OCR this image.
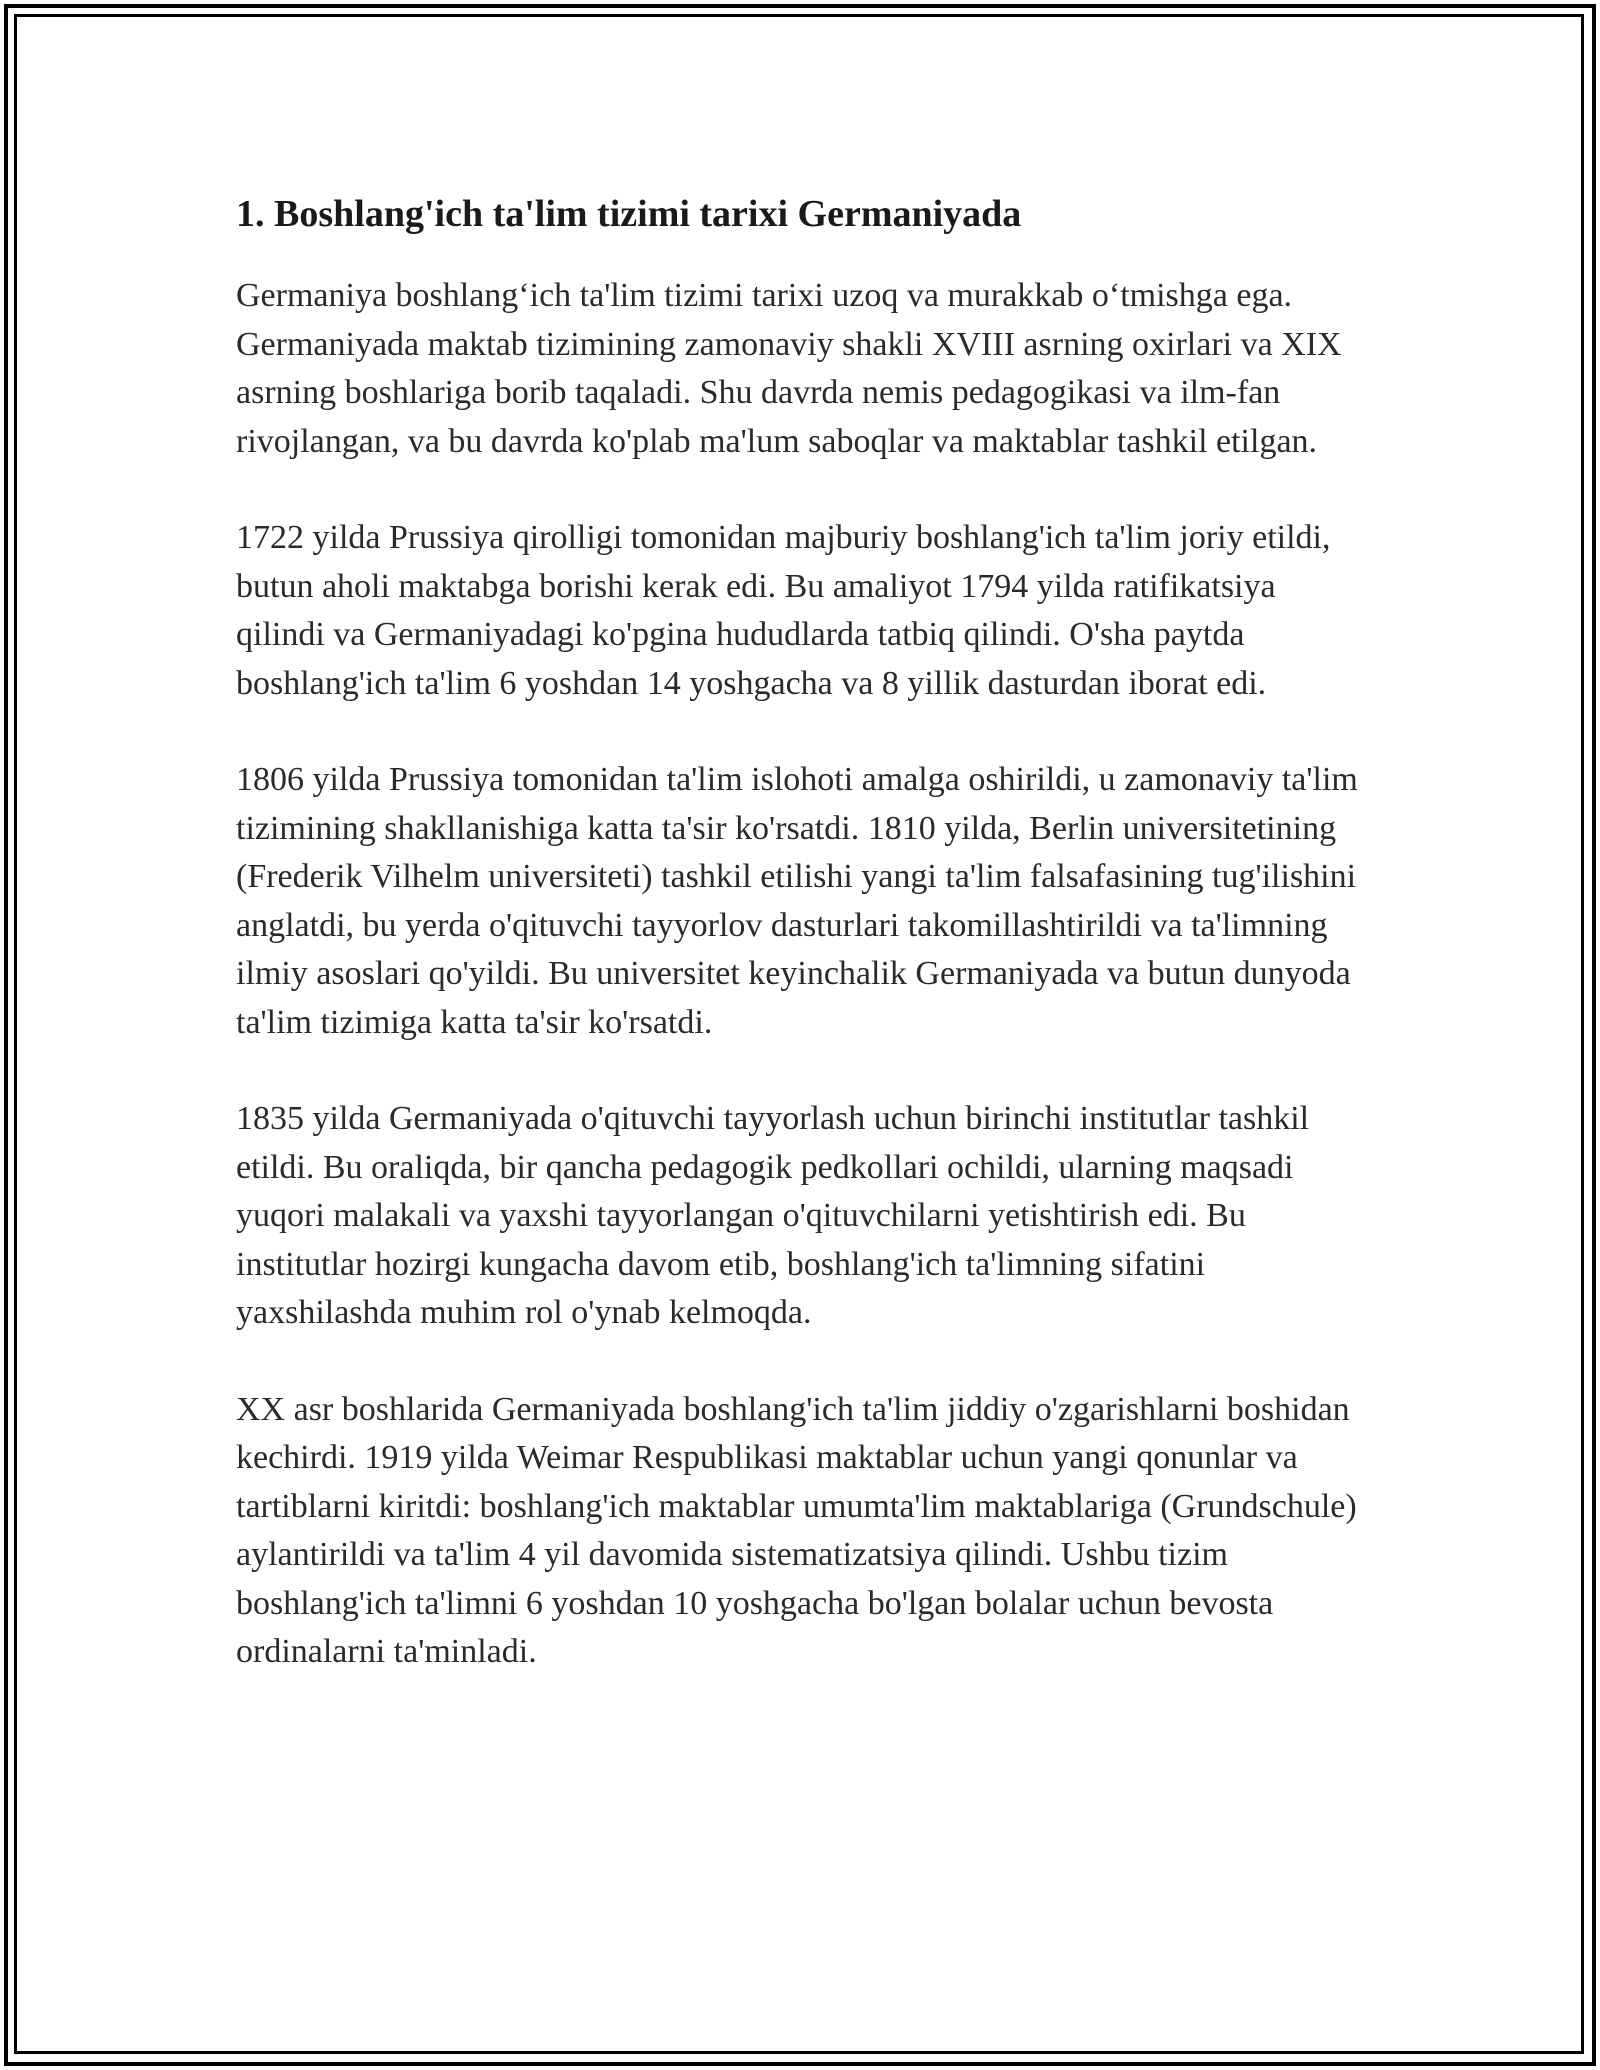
1. Boshlang'ich ta'lim tizimi tarixi Germaniyada

Germaniya boshlang‘ich ta'lim tizimi tarixi uzoq va murakkab o‘tmishga ega. Germaniyada maktab tizimining zamonaviy shakli XVIII asrning oxirlari va XIX asrning boshlariga borib taqaladi. Shu davrda nemis pedagogikasi va ilm-fan rivojlangan, va bu davrda ko'plab ma'lum saboqlar va maktablar tashkil etilgan.

1722 yilda Prussiya qirolligi tomonidan majburiy boshlang'ich ta'lim joriy etildi, butun aholi maktabga borishi kerak edi. Bu amaliyot 1794 yilda ratifikatsiya qilindi va Germaniyadagi ko'pgina hududlarda tatbiq qilindi. O'sha paytda boshlang'ich ta'lim 6 yoshdan 14 yoshgacha va 8 yillik dasturdan iborat edi.

1806 yilda Prussiya tomonidan ta'lim islohoti amalga oshirildi, u zamonaviy ta'lim tizimining shakllanishiga katta ta'sir ko'rsatdi. 1810 yilda, Berlin universitetining (Frederik Vilhelm universiteti) tashkil etilishi yangi ta'lim falsafasining tug'ilishini anglatdi, bu yerda o'qituvchi tayyorlov dasturlari takomillashtirildi va ta'limning ilmiy asoslari qo'yildi. Bu universitet keyinchalik Germaniyada va butun dunyoda ta'lim tizimiga katta ta'sir ko'rsatdi.

1835 yilda Germaniyada o'qituvchi tayyorlash uchun birinchi institutlar tashkil etildi. Bu oraliqda, bir qancha pedagogik pedkollari ochildi, ularning maqsadi yuqori malakali va yaxshi tayyorlangan o'qituvchilarni yetishtirish edi. Bu institutlar hozirgi kungacha davom etib, boshlang'ich ta'limning sifatini yaxshilashda muhim rol o'ynab kelmoqda.

XX asr boshlarida Germaniyada boshlang'ich ta'lim jiddiy o'zgarishlarni boshidan kechirdi. 1919 yilda Weimar Respublikasi maktablar uchun yangi qonunlar va tartiblarni kiritdi: boshlang'ich maktablar umumta'lim maktablariga (Grundschule) aylantirildi va ta'lim 4 yil davomida sistematizatsiya qilindi. Ushbu tizim boshlang'ich ta'limni 6 yoshdan 10 yoshgacha bo'lgan bolalar uchun bevosta ordinalarni ta'minladi.
